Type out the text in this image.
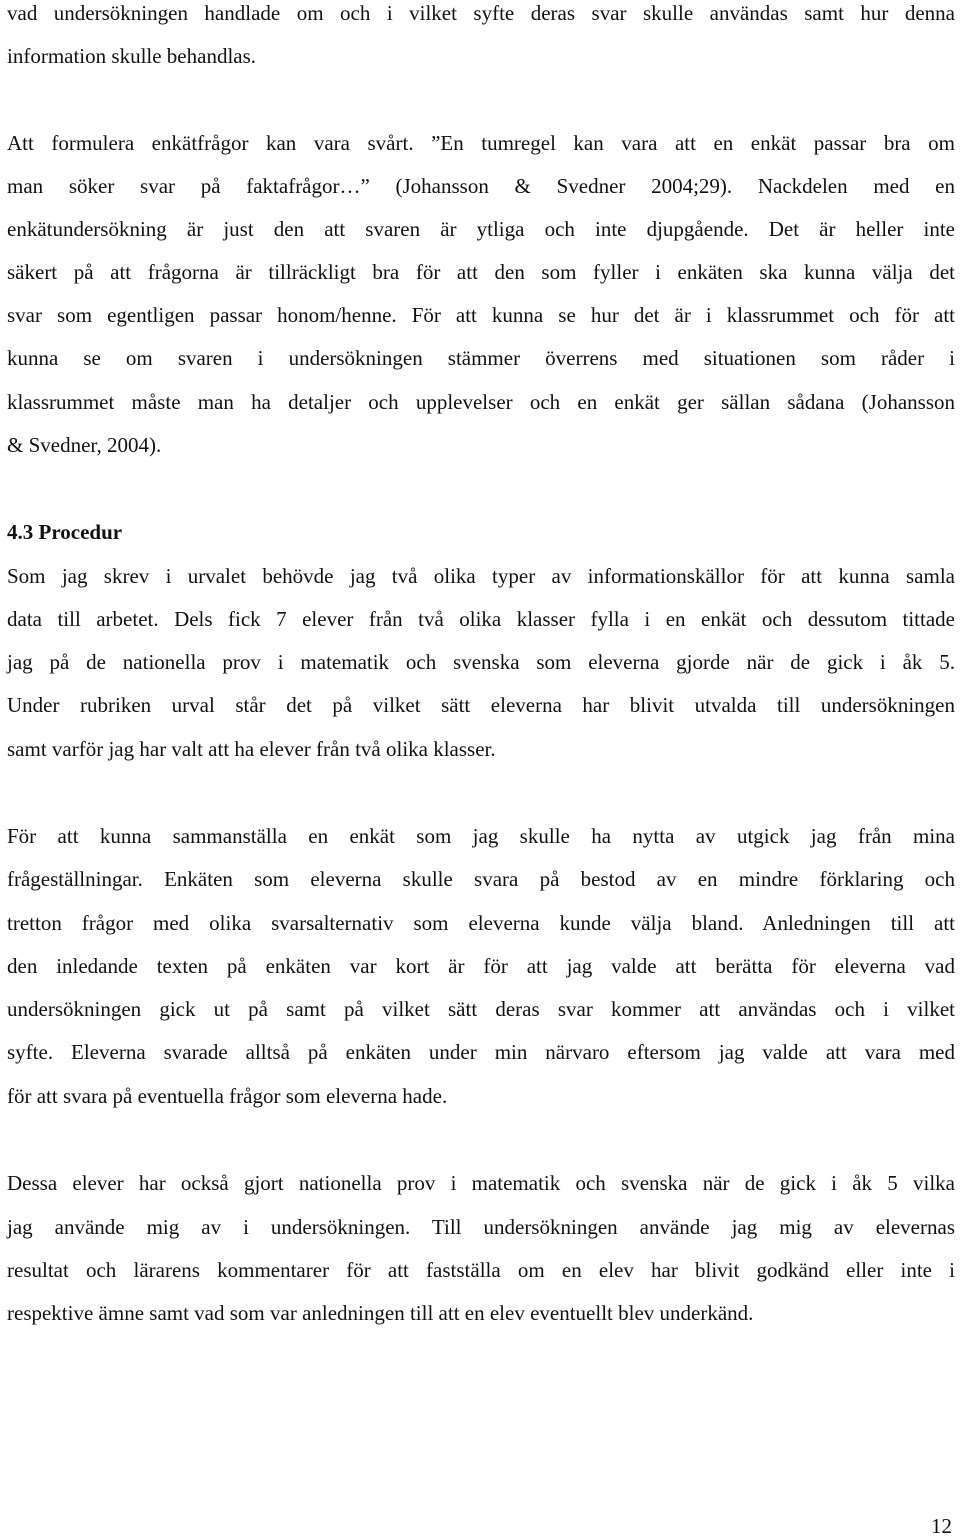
vad undersökningen handlade om och i vilket syfte deras svar skulle användas samt hur denna
information skulle behandlas.
Att formulera enkätfrågor kan vara svårt. ”En tumregel kan vara att en enkät passar bra om
man söker svar på faktafrågor…” (Johansson & Svedner 2004;29). Nackdelen med en
enkätundersökning är just den att svaren är ytliga och inte djupgående. Det är heller inte
säkert på att frågorna är tillräckligt bra för att den som fyller i enkäten ska kunna välja det
svar som egentligen passar honom/henne. För att kunna se hur det är i klassrummet och för att
kunna se om svaren i undersökningen stämmer överrens med situationen som råder i
klassrummet måste man ha detaljer och upplevelser och en enkät ger sällan sådana (Johansson
& Svedner, 2004).
4.3 Procedur
Som jag skrev i urvalet behövde jag två olika typer av informationskällor för att kunna samla
data till arbetet. Dels fick 7 elever från två olika klasser fylla i en enkät och dessutom tittade
jag på de nationella prov i matematik och svenska som eleverna gjorde när de gick i åk 5.
Under rubriken urval står det på vilket sätt eleverna har blivit utvalda till undersökningen
samt varför jag har valt att ha elever från två olika klasser.
För att kunna sammanställa en enkät som jag skulle ha nytta av utgick jag från mina
frågeställningar. Enkäten som eleverna skulle svara på bestod av en mindre förklaring och
tretton frågor med olika svarsalternativ som eleverna kunde välja bland. Anledningen till att
den inledande texten på enkäten var kort är för att jag valde att berätta för eleverna vad
undersökningen gick ut på samt på vilket sätt deras svar kommer att användas och i vilket
syfte. Eleverna svarade alltså på enkäten under min närvaro eftersom jag valde att vara med
för att svara på eventuella frågor som eleverna hade.
Dessa elever har också gjort nationella prov i matematik och svenska när de gick i åk 5 vilka
jag använde mig av i undersökningen. Till undersökningen använde jag mig av elevernas
resultat och lärarens kommentarer för att fastställa om en elev har blivit godkänd eller inte i
respektive ämne samt vad som var anledningen till att en elev eventuellt blev underkänd.
12
